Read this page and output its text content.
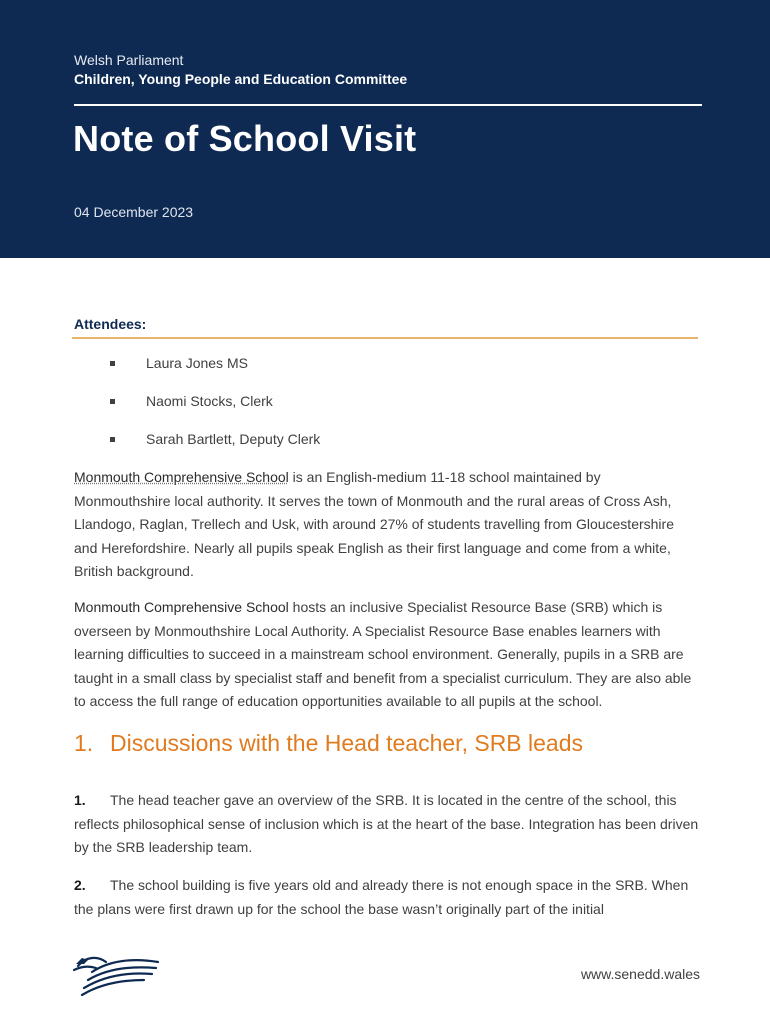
Welsh Parliament
Children, Young People and Education Committee
Note of School Visit
04 December 2023
Attendees:
Laura Jones MS
Naomi Stocks, Clerk
Sarah Bartlett, Deputy Clerk

Monmouth Comprehensive School is an English-medium 11-18 school maintained by Monmouthshire local authority. It serves the town of Monmouth and the rural areas of Cross Ash, Llandogo, Raglan, Trellech and Usk, with around 27% of students travelling from Gloucestershire and Herefordshire. Nearly all pupils speak English as their first language and come from a white, British background.

Monmouth Comprehensive School hosts an inclusive Specialist Resource Base (SRB) which is overseen by Monmouthshire Local Authority. A Specialist Resource Base enables learners with learning difficulties to succeed in a mainstream school environment. Generally, pupils in a SRB are taught in a small class by specialist staff and benefit from a specialist curriculum. They are also able to access the full range of education opportunities available to all pupils at the school.

1. Discussions with the Head teacher, SRB leads

1. The head teacher gave an overview of the SRB. It is located in the centre of the school, this reflects philosophical sense of inclusion which is at the heart of the base. Integration has been driven by the SRB leadership team.

2. The school building is five years old and already there is not enough space in the SRB. When the plans were first drawn up for the school the base wasn’t originally part of the initial

www.senedd.wales
